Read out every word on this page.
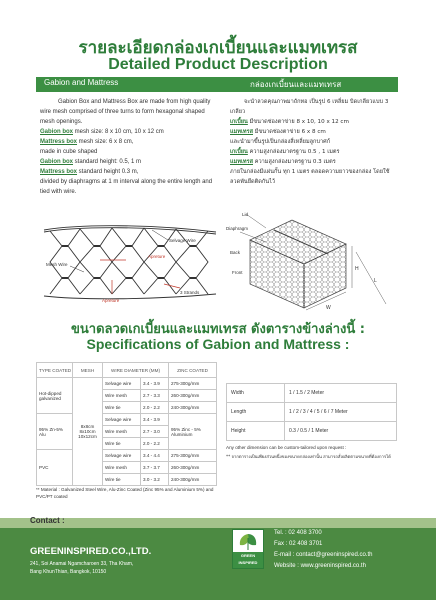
รายละเอียดกล่องเกเบี้ยนและแมทเทรส
Detailed Product Description
Gabion and Mattress	กล่องเกเบี้ยนและแมทเทรส

Gabion Box and Mattress Box are made from high quality wire mesh comprised of three turns to form hexagonal shaped mesh openings.

Gabion box mesh size: 8 x 10 cm, 10 x 12 cm

Mattress box mesh size: 6 x 8 cm,

made in cube shaped

Gabion box standard height: 0.5, 1 m

Mattress box standard height 0.3 m,

divided by diaphragms at 1 m interval along the entire length and tied with wire.

จะนำลวดคุณภาพมาถักทอ เป็นรูป 6 เหลี่ยม บิดเกลียวแบบ 3 เกลียว

เกเบี้ยน มีขนาดช่องตาข่าย 8 x 10, 10 x 12 cm

แมทเทรส มีขนาดช่องตาข่าย 6 x 8 cm

และนำมาขึ้นรูปเป็นกล่องสี่เหลี่ยมลูกบาศก์

เกเบี้ยน ความสูงกล่องมาตรฐาน 0.5 , 1 เมตร

แมทเทรส ความสูงกล่องมาตรฐาน 0.3 เมตร

ภายในกล่องมีแผ่นกั้น ทุก 1 เมตร ตลอดความยาวของกล่อง โดยใช้ลวดพันยึดติดกันไว้

Selvage Wire
Mesh Wire
Apreture
Apreture
3 Strands
Lid
Diaphragm
Back
Front
H
W
L
ขนาดลวดเกเบี้ยนและแมทเทรส ดังตารางข้างล่างนี้ :
Specifications of Gabion and Mattress :
TYPE COATED	MESH	WIRE DIAMETER (MM)		ZINC COATED
Hot-dipped galvanized	8x8cm
8x10cm
10x12cm	Selvage wire	3.4 - 3.9	275-300g/mm
		Wire mesh	2.7 - 3.3	260-300g/mm
		Wire tie	2.0 - 2.2	240-300g/mm
95% Zn-5% Alu		Selvage wire	3.4 - 3.9	95% Zinc - 5% Aluminium
		Wire mesh	2.7 - 3.0	
		Wire tie	2.0 - 2.2	
PVC		Selvage wire	3.4 - 4.4	275-300g/mm
		Wire mesh	3.7 - 3.7	260-300g/mm
		Wire tie	3.0 - 3.2	240-300g/mm
** Material : Galvanized Steel Wire, Alu-Zinc Coated (Zinc 95% and Aluminium 5%) and PVC/PT coated
Width	1 / 1.5 / 2 Meter
Length	1 / 2 / 3 / 4 / 5 / 6 / 7 Meter
Height	0.3 / 0.5 / 1 Meter
Any other dimension can be custom-tailored upon request :
** จากตารางเป็นเพียงส่วนหนึ่งของขนาดกล่องเท่านั้น สามารถสั่งผลิตตามขนาดที่ต้องการได้
Contact :
GREENINSPIRED.CO.,LTD.
241, Soi Anamai Ngamcharoen 33, Tha Kham,
Bang KhunThian, Bangkok, 10150
Tel. : 02 408 3700
Fax : 02 408 3701
E-mail : contact@greeninspired.co.th
Website : www.greeninspired.co.th
GREEN
INSPIRED
